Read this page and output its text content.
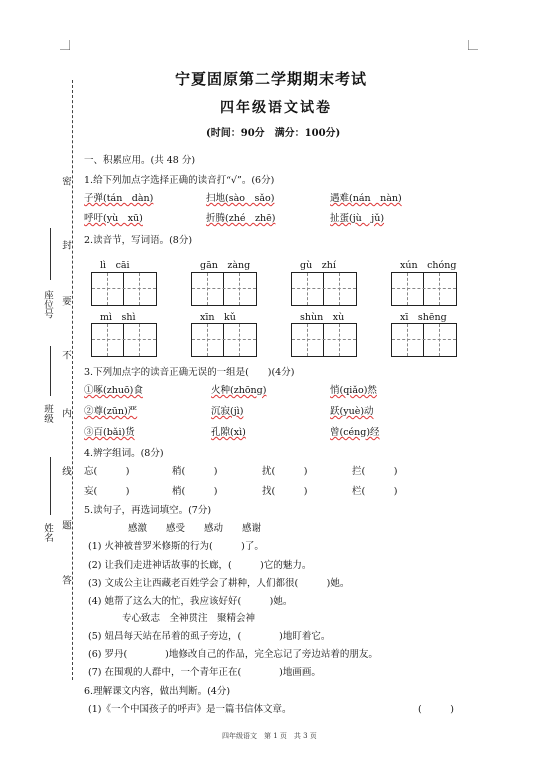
密
封
要
不
内
线
题
答
座位号
班级
姓名
宁夏固原第二学期期末考试
四年级语文试卷
(时间：90分　满分：100分)
一、积累应用。(共 48 分)
1.给下列加点字选择正确的读音打“√”。(6分)
子弹(tán　dàn)	扫地(sào　sǎo)	遇难(nán　nàn)
呼吁(yù　xū)	折腾(zhé　zhē)	扯蛋(jù　jǔ)
2.读音节，写词语。(8分)
lì　cāi	gān　zàng	gù　zhí	xún　chóng
mì　shì	xīn　kǔ	shùn　xù	xī　shēng
3.下列加点字的读音正确无误的一组是(　　)(4分)
①啄(zhuō)食	火种(zhōng)	悄(qiǎo)然
②尊(zūn)严	沉寂(jì)	跃(yuè)动
③百(bǎi)货	孔隙(xì)	曾(céng)经
4.辨字组词。(8分)
忘(　　　)	稍(　　　)	扰(　　　)	拦(　　　)
妄(　　　)	梢(　　　)	找(　　　)	栏(　　　)
5.读句子，再选词填空。(7分)
感激　　感受　　感动　　感谢
(1) 火神被普罗米修斯的行为(　　　)了。
(2) 让我们走进神话故事的长廊，(　　　)它的魅力。
(3) 文成公主让西藏老百姓学会了耕种，人们都很(　　　)她。
(4) 她帮了这么大的忙，我应该好好(　　　)她。
专心致志　全神贯注　聚精会神
(5) 妞昌每天站在吊着的虱子旁边，(　　　　)地盯着它。
(6) 罗丹(　　　　)地修改自己的作品，完全忘记了旁边站着的朋友。
(7) 在围观的人群中，一个青年正在(　　　　)地画画。
6.理解课文内容，做出判断。(4分)
(1)《一个中国孩子的呼声》是一篇书信体文章。	(　　　)
四年级语文　第 1 页　共 3 页
